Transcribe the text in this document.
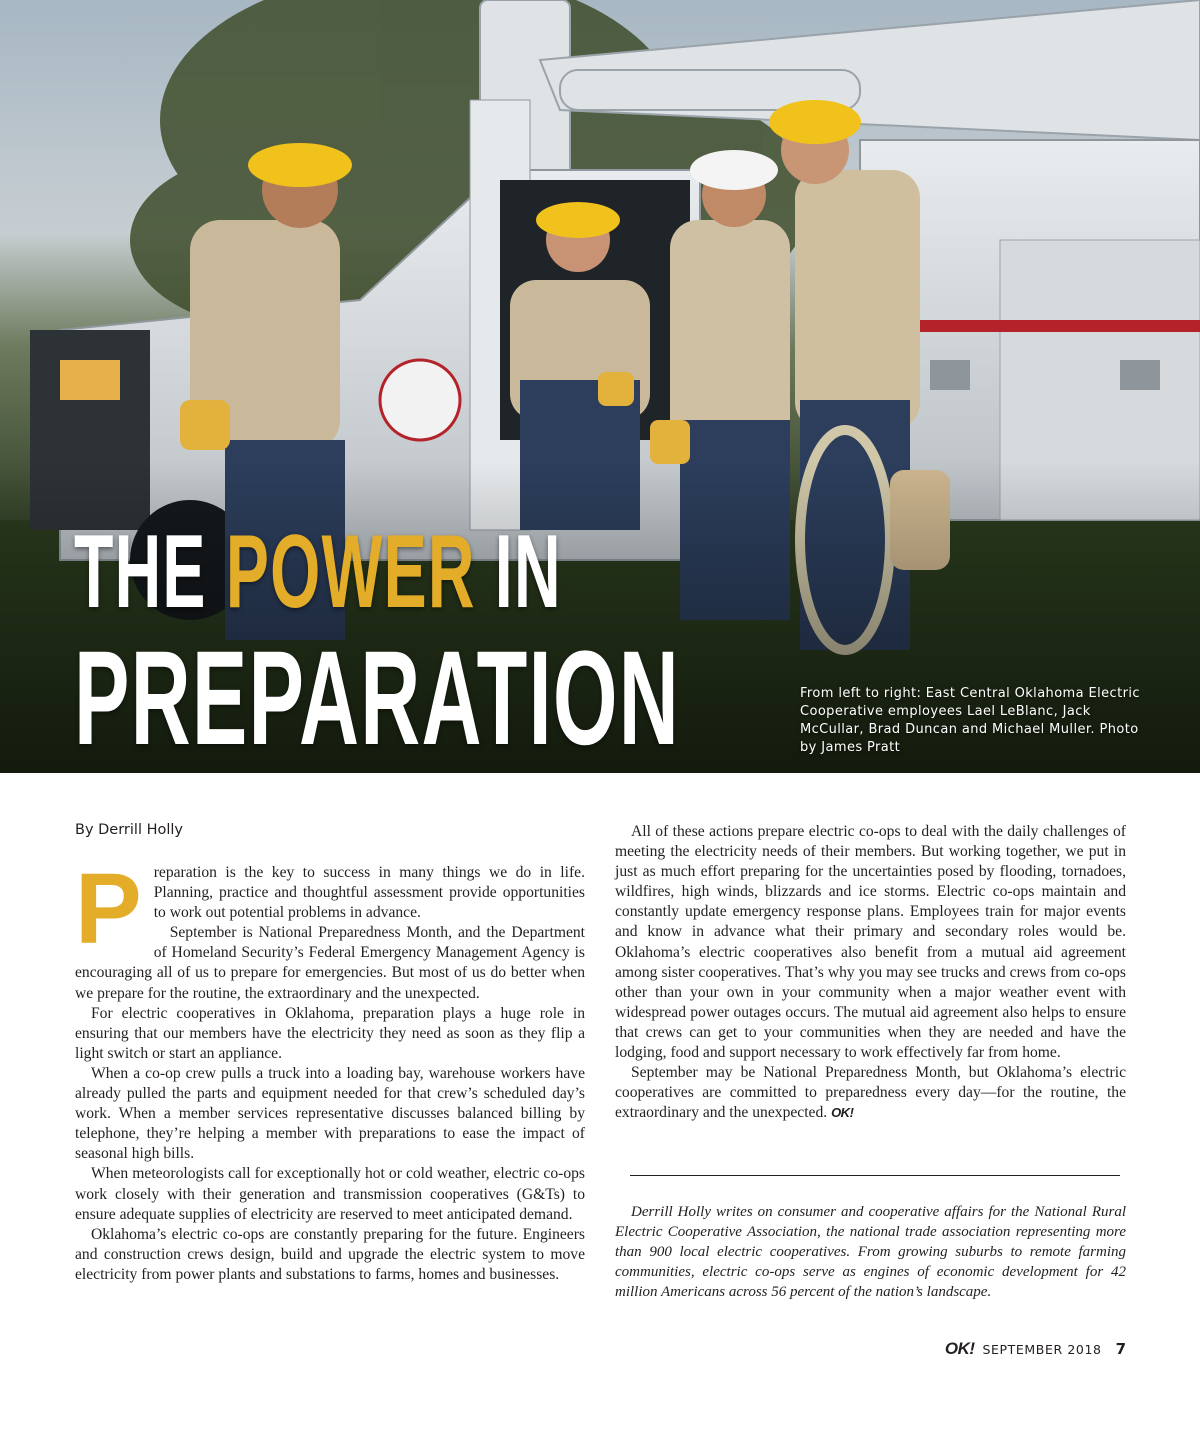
THE POWER IN
PREPARATION	From left to right: East Central Oklahoma Electric Cooperative employees Lael LeBlanc, Jack McCullar, Brad Duncan and Michael Muller. Photo by James Pratt
By Derrill Holly

Preparation is the key to success in many things we do in life. Planning, practice and thoughtful assessment provide opportunities to work out potential problems in advance.

September is National Preparedness Month, and the Department of Homeland Security’s Federal Emergency Management Agency is encouraging all of us to prepare for emergencies. But most of us do better when we prepare for the routine, the extraordinary and the unexpected.

For electric cooperatives in Oklahoma, preparation plays a huge role in ensuring that our members have the electricity they need as soon as they flip a light switch or start an appliance.

When a co-op crew pulls a truck into a loading bay, warehouse workers have already pulled the parts and equipment needed for that crew’s scheduled day’s work. When a member services representative discusses balanced billing by telephone, they’re helping a member with preparations to ease the impact of seasonal high bills.

When meteorologists call for exceptionally hot or cold weather, electric co-ops work closely with their generation and transmission cooperatives (G&Ts) to ensure adequate supplies of electricity are reserved to meet anticipated demand.

Oklahoma’s electric co-ops are constantly preparing for the future. Engineers and construction crews design, build and upgrade the electric system to move electricity from power plants and substations to farms, homes and businesses.

All of these actions prepare electric co-ops to deal with the daily challenges of meeting the electricity needs of their members. But working together, we put in just as much effort preparing for the uncertainties posed by flooding, tornadoes, wildfires, high winds, blizzards and ice storms. Electric co-ops maintain and constantly update emergency response plans. Employees train for major events and know in advance what their primary and secondary roles would be. Oklahoma’s electric cooperatives also benefit from a mutual aid agreement among sister cooperatives. That’s why you may see trucks and crews from co-ops other than your own in your community when a major weather event with widespread power outages occurs. The mutual aid agreement also helps to ensure that crews can get to your communities when they are needed and have the lodging, food and support necessary to work effectively far from home.

September may be National Preparedness Month, but Oklahoma’s electric cooperatives are committed to preparedness every day—for the routine, the extraordinary and the unexpected. OK!

Derrill Holly writes on consumer and cooperative affairs for the National Rural Electric Cooperative Association, the national trade association representing more than 900 local electric cooperatives. From growing suburbs to remote farming communities, electric co-ops serve as engines of economic development for 42 million Americans across 56 percent of the nation’s landscape.

OK! SEPTEMBER 2018 7
